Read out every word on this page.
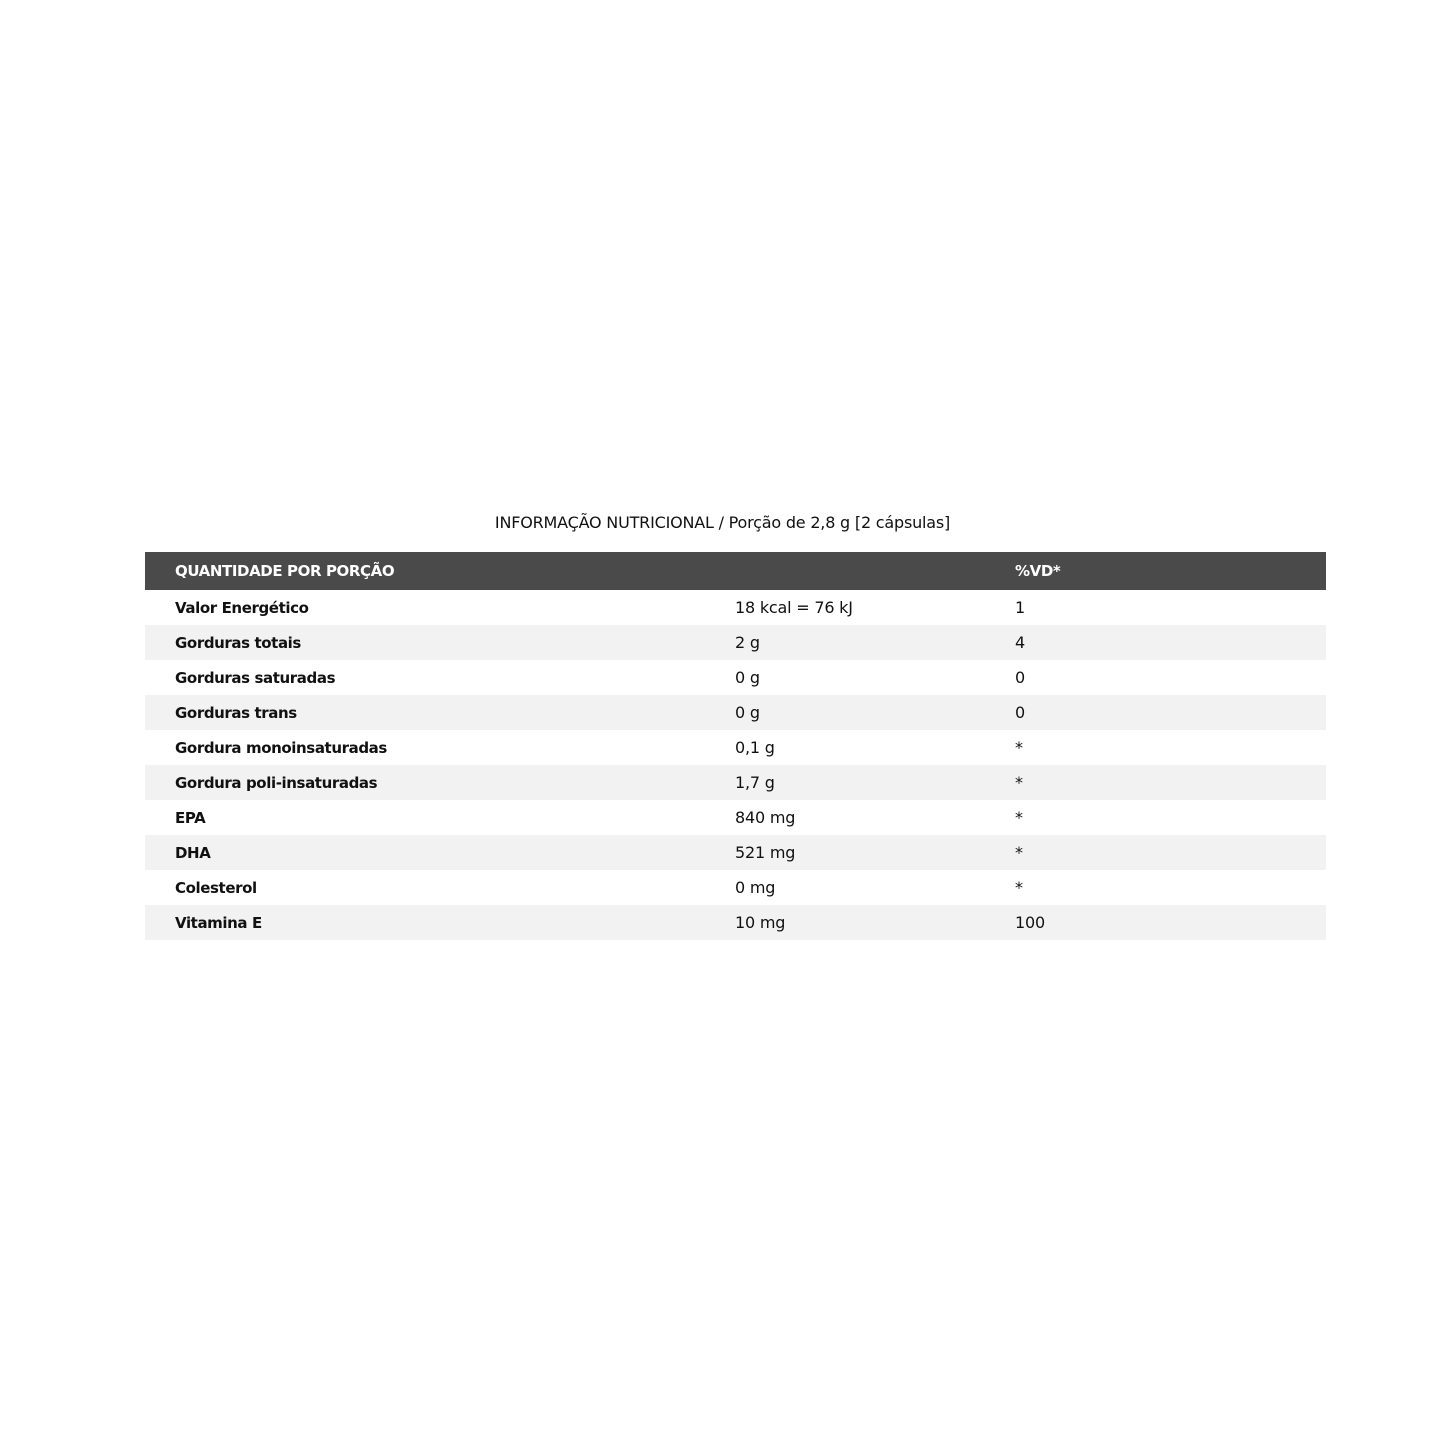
INFORMAÇÃO NUTRICIONAL / Porção de 2,8 g [2 cápsulas]
QUANTIDADE POR PORÇÃO		%VD*
Valor Energético	18 kcal = 76 kJ	1
Gorduras totais	2 g	4
Gorduras saturadas	0 g	0
Gorduras trans	0 g	0
Gordura monoinsaturadas	0,1 g	*
Gordura poli-insaturadas	1,7 g	*
EPA	840 mg	*
DHA	521 mg	*
Colesterol	0 mg	*
Vitamina E	10 mg	100
